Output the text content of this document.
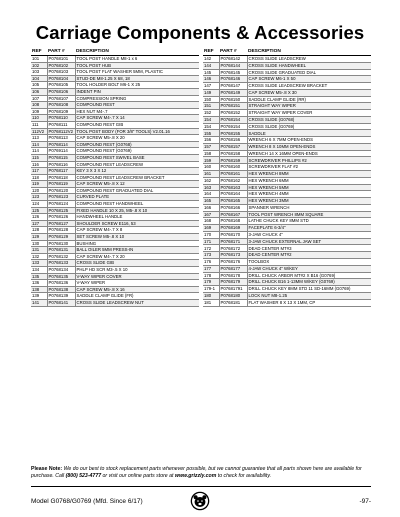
Carriage Components & Accessories
REF	PART #	DESCRIPTION
101	P0768101	TOOL POST HANDLE M8-1 x 6
102	P0768102	TOOL POST HUB
103	P0768103	TOOL POST FLAT WASHER 5MM, PLASTIC
104	P0768104	STUD-DE M8-1.25 X 68, 18
105	P0768105	TOOL HOLDER BOLT M6-1 X 25
106	P0768106	INDENT PIN
107	P0768107	COMPRESSION SPRING
108	P0768108	COMPOUND REST
109	P0768109	HEX NUT M4-.7
110	P0768110	CAP SCREW M4-.7 X 14
111	P0768111	COMPOUND REST GIB
112V2	P0768112V2	TOOL POST BODY (FOR 3/8" TOOLS) V2.01.16
113	P0768113	CAP SCREW M5-.8 X 20
114	P0768114	COMPOUND REST (G0768)
114	P0769114	COMPOUND REST (G0769)
115	P0768115	COMPOUND REST SWIVEL BASE
116	P0768116	COMPOUND REST LEADSCREW
117	P0768117	KEY 3 X 3 X 12
118	P0768118	COMPOUND REST LEADSCREW BRACKET
119	P0768119	CAP SCREW M5-.8 X 12
120	P0768120	COMPOUND REST GRADUATED DIAL
123	P0768123	CURVED PLATE
124	P0768124	COMPOUND REST HANDWHEEL
125	P0768125	FIXED HANDLE 10 X 25, M5-.8 X 10
126	P0768126	HANDWHEEL HANDLE
127	P0768127	SHOULDER SCREW E116, 53
128	P0768128	CAP SCREW M4-.7 X 8
129	P0768129	SET SCREW M5-.8 X 10
130	P0768130	BUSHING
131	P0768131	BALL OILER 5MM PRESS-IN
132	P0768132	CAP SCREW M4-.7 X 20
133	P0768133	CROSS SLIDE GIB
134	P0768134	PHLP HD SCR M3-.5 X 10
135	P0768135	V-WAY WIPER COVER
136	P0768136	V-WAY WIPER
138	P0768138	CAP SCREW M5-.8 X 16
139	P0768139	SADDLE CLAMP GLIDE (FR)
141	P0768141	CROSS SLIDE LEADSCREW NUT
REF	PART #	DESCRIPTION
142	P0768142	CROSS SLIDE LEADSCREW
144	P0768144	CROSS SLIDE HANDWHEEL
145	P0768145	CROSS SLIDE GRADUATED DIAL
146	P0768146	CAP SCREW M6-1 X 50
147	P0768147	CROSS SLIDE LEADSCREW BRACKET
149	P0768149	CAP SCREW M5-.8 X 30
150	P0768150	SADDLE CLAMP GLIDE (RR)
151	P0768151	STRAIGHT WAY WIPER
152	P0768152	STRAIGHT WAY WIPER COVER
154	P0768154	CROSS SLIDE (G0768)
154	P0769154	CROSS SLIDE (G0769)
155	P0768155	SADDLE
156	P0768156	WRENCH 6 X 7MM OPEN-ENDS
157	P0768157	WRENCH 8 X 10MM OPEN-ENDS
158	P0768158	WRENCH 14 X 16MM OPEN-ENDS
159	P0768159	SCREWDRIVER PHILLIPS #2
160	P0768160	SCREWDRIVER FLAT #2
161	P0768161	HEX WRENCH 8MM
162	P0768162	HEX WRENCH 6MM
163	P0768163	HEX WRENCH 5MM
164	P0768164	HEX WRENCH 4MM
165	P0768165	HEX WRENCH 3MM
166	P0768166	SPANNER WRENCH
167	P0768167	TOOL POST WRENCH 8MM SQUARE
168	P0768168	LATHE CHUCK KEY 8MM STD
169	P0768169	FACEPLATE 6-3/4"
170	P0768170	3-JAW CHUCK 4"
171	P0768171	3-JAW CHUCK EXTERNAL JAW SET
172	P0768172	DEAD CENTER MT#3
173	P0768173	DEAD CENTER MT#2
176	P0768176	TOOLBOX
177	P0768177	4-JAW CHUCK 4" W/KEY
178	P0768178	DRILL CHUCK ARBOR MT#2 X B16 (G0769)
179	P0768179	DRILL CHUCK B16 1-13MM W/KEY (G0769)
179-1	P07681791	DRILL CHUCK KEY 8MM STD 11 SD-16MM (G0769)
180	P0768180	LOCK NUT M8-1.25
181	P0768181	FLAT WASHER 8 X 13 X 1MM, CP
Please Note: We do our best to stock replacement parts whenever possible, but we cannot guarantee that all parts shown here are available for purchase. Call (800) 523-4777 or visit our online parts store at www.grizzly.com to check for availability.
Model G0768/G0769 (Mfd. Since 6/17)	-97-
